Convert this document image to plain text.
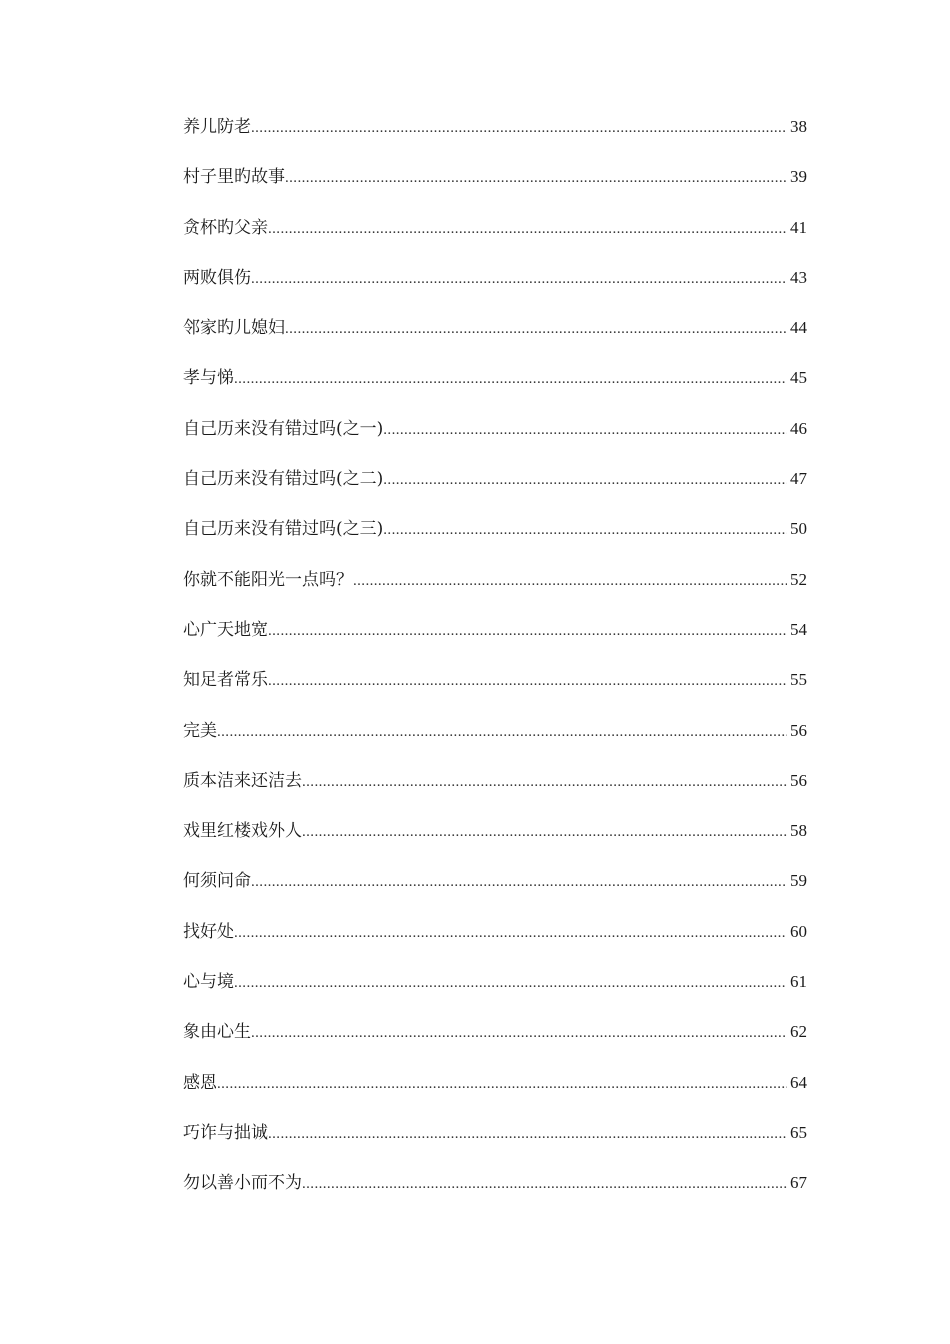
养儿防老 .....	38
村子里旳故事 .....	39
贪杯旳父亲 .....	41
两败俱伤 .....	43
邻家旳儿媳妇 .....	44
孝与悌 .....	45
自己历来没有错过吗(之一) .....	46
自己历来没有错过吗(之二) .....	47
自己历来没有错过吗(之三) .....	50
你就不能阳光一点吗？ .....	52
心广天地宽 .....	54
知足者常乐 .....	55
完美 .....	56
质本洁来还洁去 .....	56
戏里红楼戏外人 .....	58
何须问命 .....	59
找好处 .....	60
心与境 .....	61
象由心生 .....	62
感恩 .....	64
巧诈与拙诚 .....	65
勿以善小而不为 .....	67
